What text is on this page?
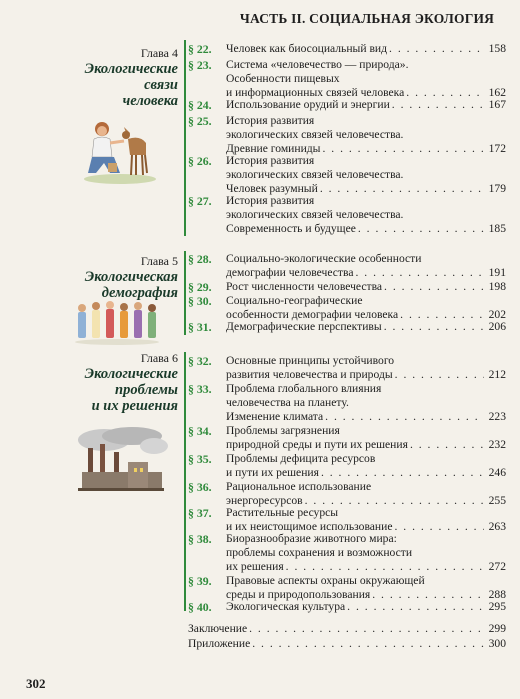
ЧАСТЬ II. СОЦИАЛЬНАЯ ЭКОЛОГИЯ
Глава 4
Экологические
связи
человека
Глава 5
Экологическая
демография
Глава 6
Экологические
проблемы
и их решения
§ 22.	Человек как биосоциальный вид . . .	158
§ 23.	Система «человечество — природа».
Особенности пищевых
и информационных связей человека . . .	162
§ 24.	Использование орудий и энергии . . .	167
§ 25.	История развития
экологических связей человечества.
Древние гоминиды . . .	172
§ 26.	История развития
экологических связей человечества.
Человек разумный . . .	179
§ 27.	История развития
экологических связей человечества.
Современность и будущее . . .	185
§ 28.	Социально-экологические особенности
демографии человечества . . .	191
§ 29.	Рост численности человечества . . .	198
§ 30.	Социально-географические
особенности демографии человека . . .	202
§ 31.	Демографические перспективы . . .	206
§ 32.	Основные принципы устойчивого
развития человечества и природы . . .	212
§ 33.	Проблема глобального влияния
человечества на планету.
Изменение климата . . .	223
§ 34.	Проблемы загрязнения
природной среды и пути их решения . . .	232
§ 35.	Проблемы дефицита ресурсов
и пути их решения . . .	246
§ 36.	Рациональное использование
энергоресурсов . . .	255
§ 37.	Растительные ресурсы
и их неистощимое использование . . .	263
§ 38.	Биоразнообразие животного мира:
проблемы сохранения и возможности
их решения . . .	272
§ 39.	Правовые аспекты охраны окружающей
среды и природопользования . . .	288
§ 40.	Экологическая культура . . .	295
Заключение . . .	299
Приложение . . .	300
302
